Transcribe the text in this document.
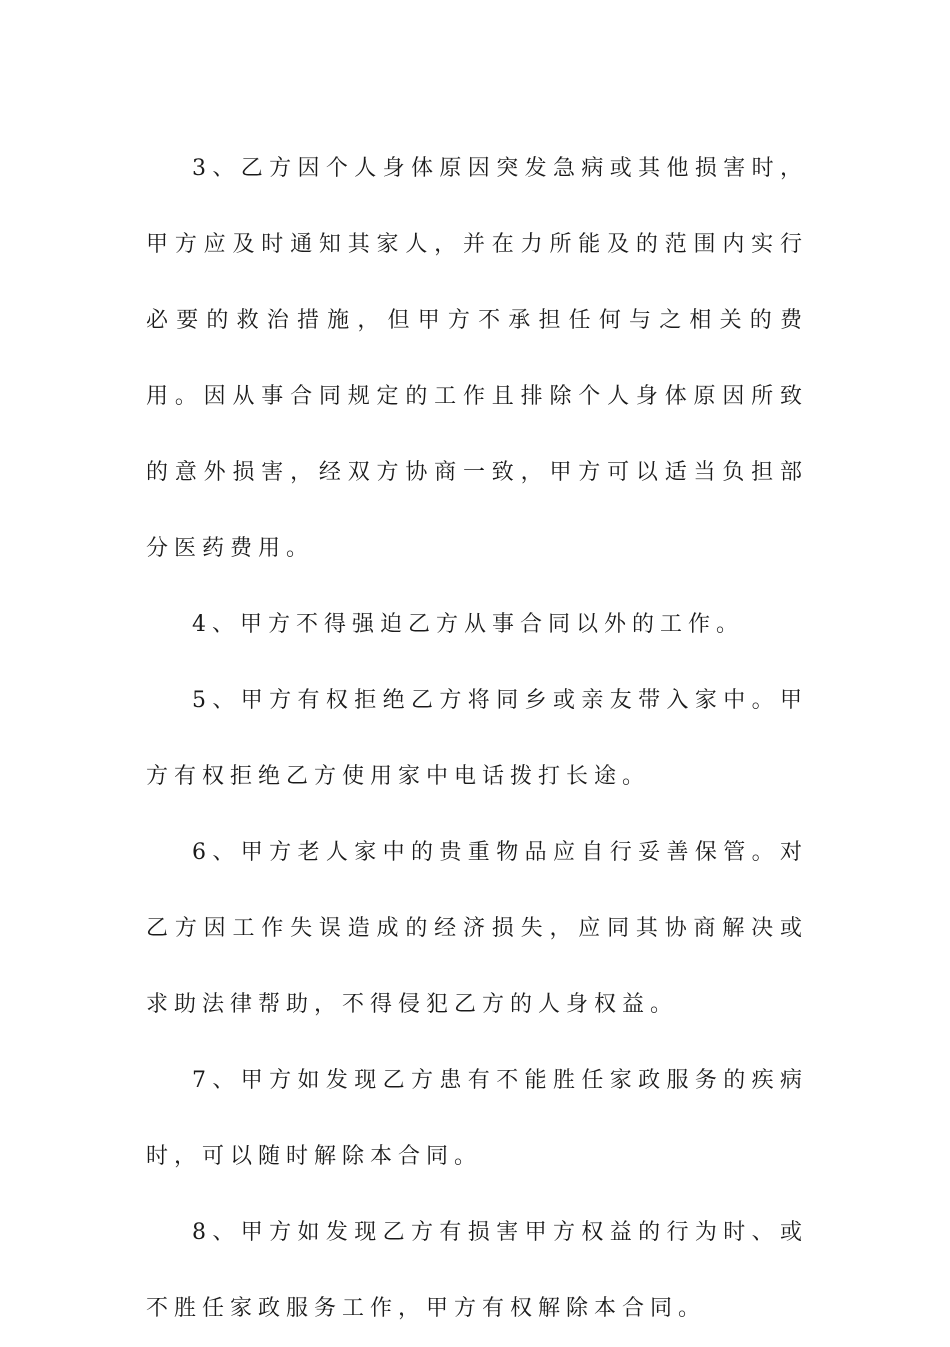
3、乙方因个人身体原因突发急病或其他损害时，甲方应及时通知其家人，并在力所能及的范围内实行必要的救治措施，但甲方不承担任何与之相关的费用。因从事合同规定的工作且排除个人身体原因所致的意外损害，经双方协商一致，甲方可以适当负担部分医药费用。

4、甲方不得强迫乙方从事合同以外的工作。

5、甲方有权拒绝乙方将同乡或亲友带入家中。甲方有权拒绝乙方使用家中电话拨打长途。

6、甲方老人家中的贵重物品应自行妥善保管。对乙方因工作失误造成的经济损失，应同其协商解决或求助法律帮助，不得侵犯乙方的人身权益。

7、甲方如发现乙方患有不能胜任家政服务的疾病时，可以随时解除本合同。

8、甲方如发现乙方有损害甲方权益的行为时、或不胜任家政服务工作，甲方有权解除本合同。
